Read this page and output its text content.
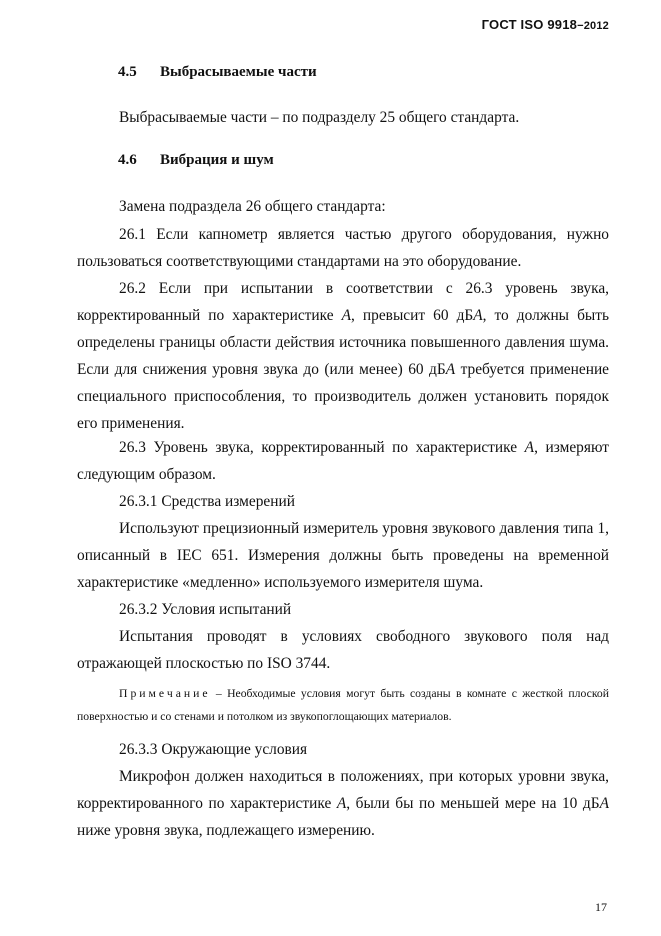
ГОСТ ISO 9918−2012
4.5 Выбрасываемые части

Выбрасываемые части – по подразделу 25 общего стандарта.

4.6 Вибрация и шум

Замена подраздела 26 общего стандарта:

26.1 Если капнометр является частью другого оборудования, нужно пользоваться соответствующими стандартами на это оборудование.

26.2 Если при испытании в соответствии с 26.3 уровень звука, корректированный по характеристике A, превысит 60 дБA, то должны быть определены границы области действия источника повышенного давления шума. Если для снижения уровня звука до (или менее) 60 дБA требуется применение специального приспособления, то производитель должен установить порядок его применения.

26.3 Уровень звука, корректированный по характеристике A, измеряют следующим образом.

26.3.1 Средства измерений

Используют прецизионный измеритель уровня звукового давления типа 1, описанный в IEC 651. Измерения должны быть проведены на временной характеристике «медленно» используемого измерителя шума.

26.3.2 Условия испытаний

Испытания проводят в условиях свободного звукового поля над отражающей плоскостью по ISO 3744.

Примечание – Необходимые условия могут быть созданы в комнате с жесткой плоской поверхностью и со стенами и потолком из звукопоглощающих материалов.

26.3.3 Окружающие условия

Микрофон должен находиться в положениях, при которых уровни звука, корректированного по характеристике A, были бы по меньшей мере на 10 дБA ниже уровня звука, подлежащего измерению.

17
